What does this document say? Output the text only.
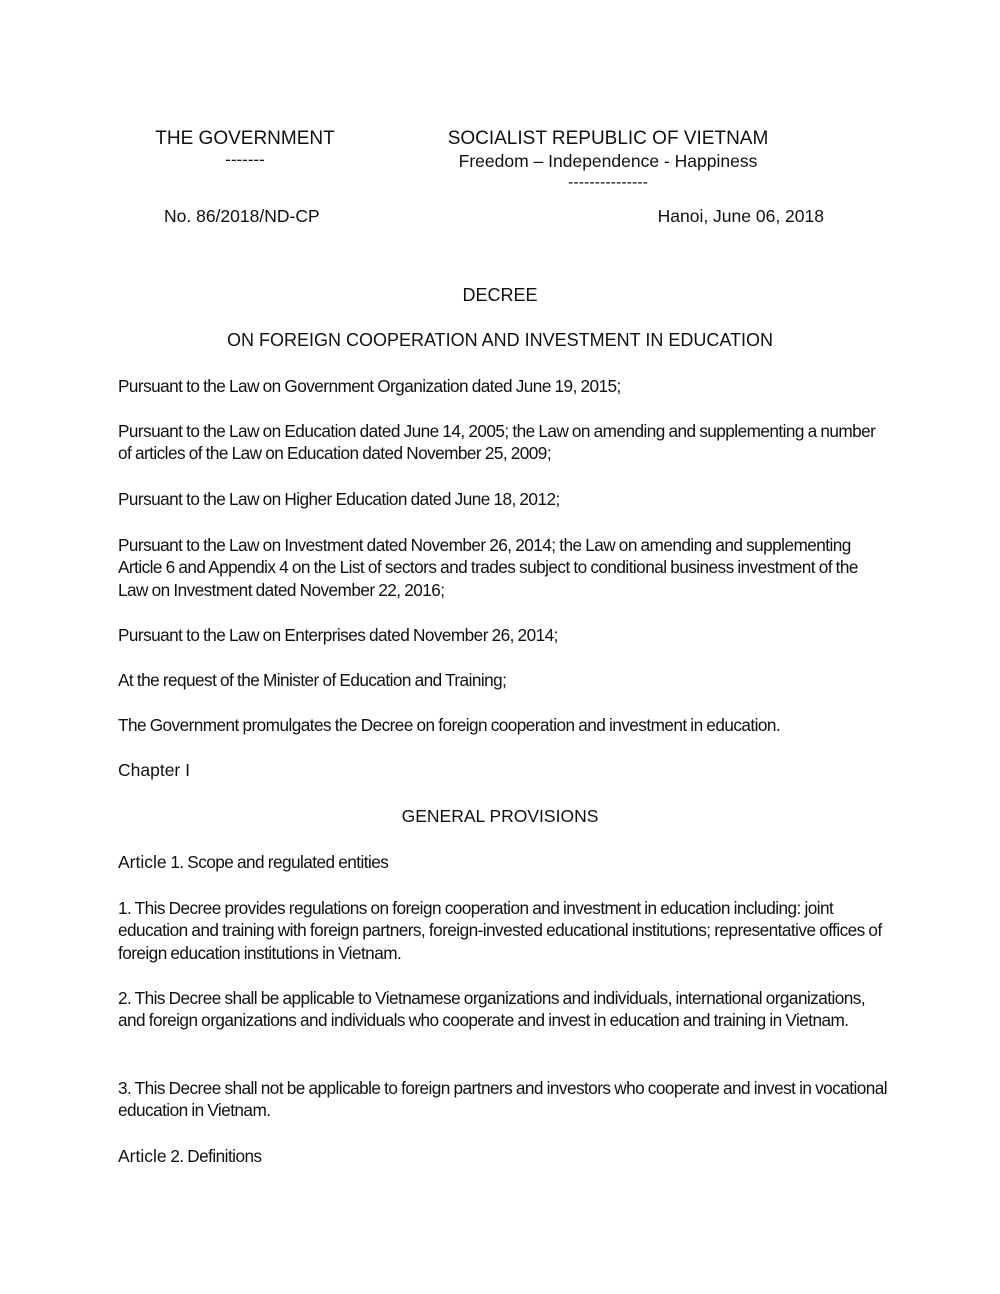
THE GOVERNMENT
-------
SOCIALIST REPUBLIC OF VIETNAM
Freedom – Independence - Happiness
---------------
No. 86/2018/ND-CP	Hanoi, June 06, 2018
DECREE
ON FOREIGN COOPERATION AND INVESTMENT IN EDUCATION
Pursuant to the Law on Government Organization dated June 19, 2015;
Pursuant to the Law on Education dated June 14, 2005; the Law on amending and supplementing a number of articles of the Law on Education dated November 25, 2009;
Pursuant to the Law on Higher Education dated June 18, 2012;
Pursuant to the Law on Investment dated November 26, 2014; the Law on amending and supplementing Article 6 and Appendix 4 on the List of sectors and trades subject to conditional business investment of the Law on Investment dated November 22, 2016;
Pursuant to the Law on Enterprises dated November 26, 2014;
At the request of the Minister of Education and Training;
The Government promulgates the Decree on foreign cooperation and investment in education.
Chapter I
GENERAL PROVISIONS
Article 1. Scope and regulated entities
1. This Decree provides regulations on foreign cooperation and investment in education including: joint education and training with foreign partners, foreign-invested educational institutions; representative offices of foreign education institutions in Vietnam.
2. This Decree shall be applicable to Vietnamese organizations and individuals, international organizations, and foreign organizations and individuals who cooperate and invest in education and training in Vietnam.
3. This Decree shall not be applicable to foreign partners and investors who cooperate and invest in vocational education in Vietnam.
Article 2. Definitions
